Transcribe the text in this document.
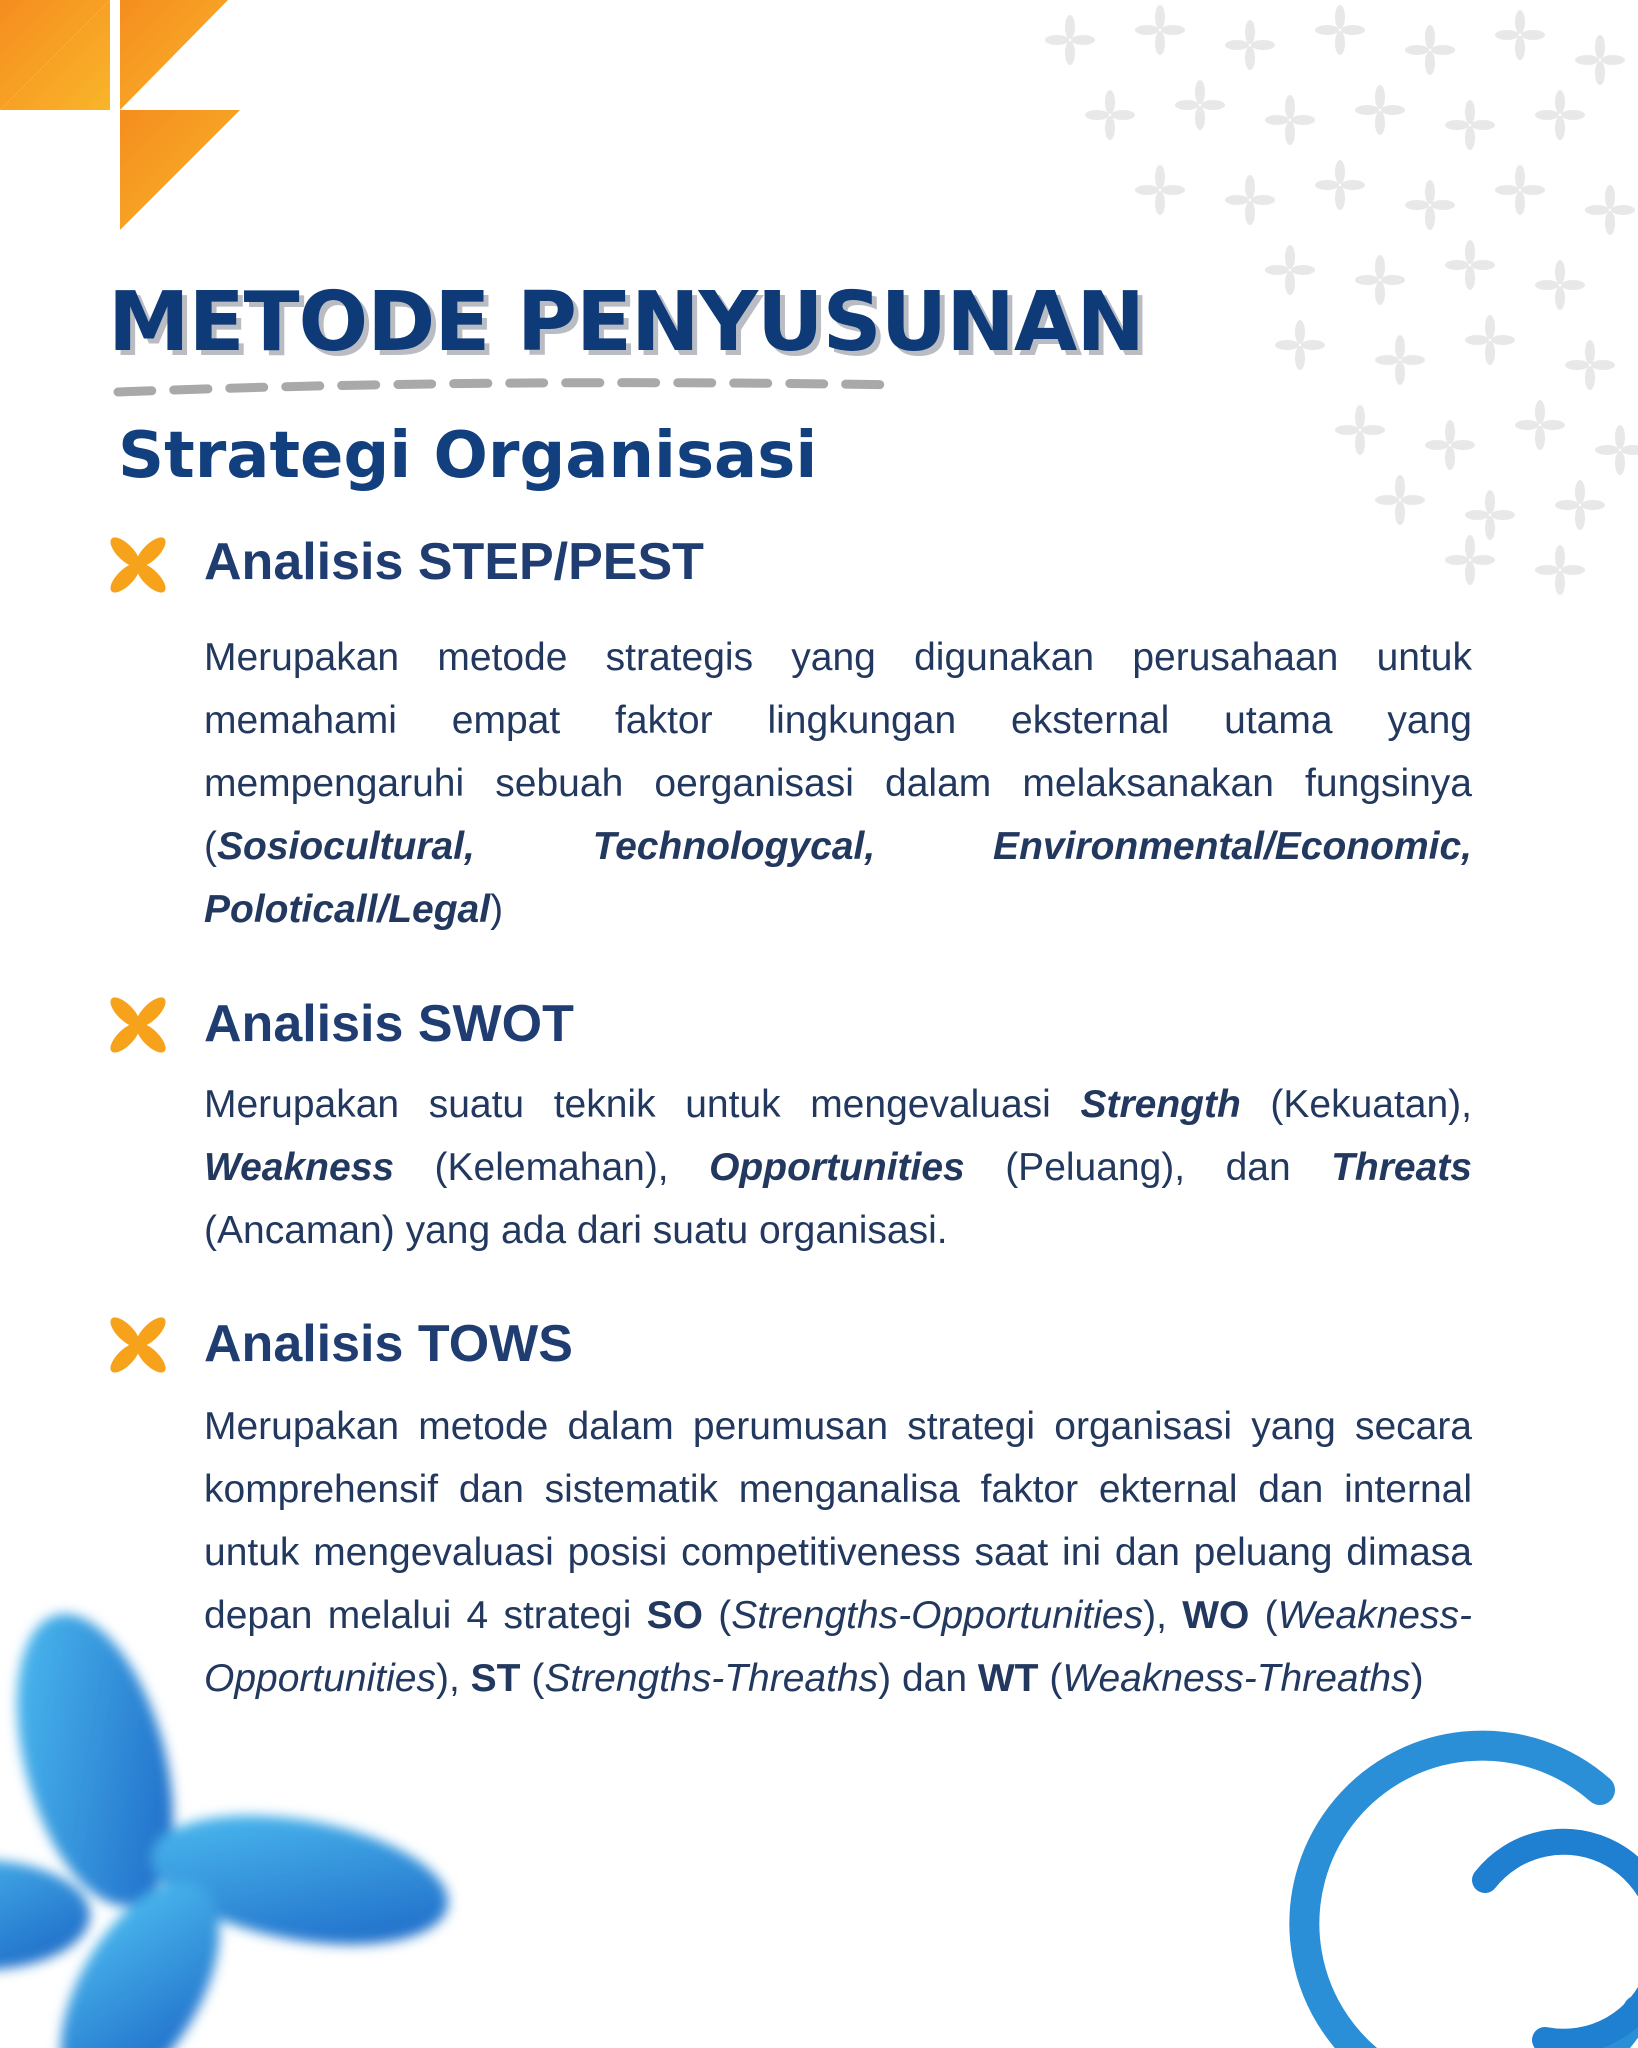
METODE PENYUSUNAN
Strategi Organisasi
Analisis STEP/PEST

Merupakan metode strategis yang digunakan perusahaan untuk memahami empat faktor lingkungan eksternal utama yang mempengaruhi sebuah oerganisasi dalam melaksanakan fungsinya (Sosiocultural, Technologycal, Environmental/Economic, Poloticall/Legal)

Analisis SWOT

Merupakan suatu teknik untuk mengevaluasi Strength (Kekuatan), Weakness (Kelemahan), Opportunities (Peluang), dan Threats (Ancaman) yang ada dari suatu organisasi.

Analisis TOWS

Merupakan metode dalam perumusan strategi organisasi yang secara komprehensif dan sistematik menganalisa faktor ekternal dan internal untuk mengevaluasi posisi competitiveness saat ini dan peluang dimasa depan melalui 4 strategi SO (Strengths-Opportunities), WO (Weakness-Opportunities), ST (Strengths-Threaths) dan WT (Weakness-Threaths)
